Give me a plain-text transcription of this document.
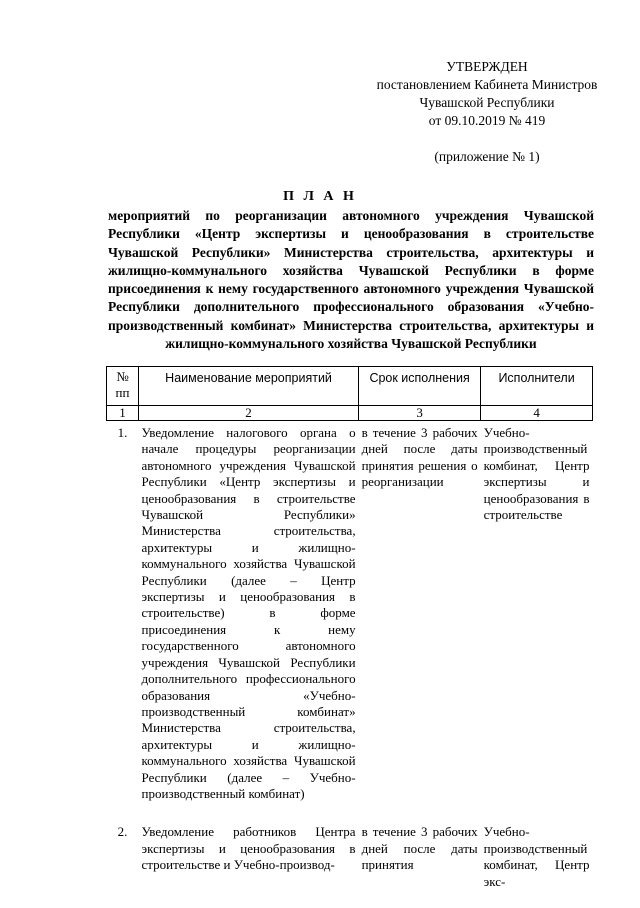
УТВЕРЖДЕН
постановлением Кабинета Министров
Чувашской Республики
от 09.10.2019 № 419
(приложение № 1)
П Л А Н
мероприятий по реорганизации автономного учреждения Чувашской Республики «Центр экспертизы и ценообразования в строительстве Чувашской Республики» Министерства строительства, архитектуры и жилищно-коммунального хозяйства Чувашской Республики в форме присоединения к нему государственного автономного учреждения Чувашской Республики дополнительного профессионального образования «Учебно-производственный комбинат» Министерства строительства, архитектуры и жилищно-коммунального хозяйства Чувашской Республики
№ пп	Наименование мероприятий	Срок исполнения	Исполнители
1	2	3	4
1.	Уведомление налогового органа о начале процедуры реорганизации автономного учреждения Чувашской Республики «Центр экспертизы и ценообразования в строительстве Чувашской Республики» Министерства строительства, архитектуры и жилищно-коммунального хозяйства Чувашской Республики (далее – Центр экспертизы и ценообразования в строительстве) в форме присоединения к нему государственного автономного учреждения Чувашской Республики дополнительного профессионального образования «Учебно-производственный комбинат» Министерства строительства, архитектуры и жилищно-коммунального хозяйства Чувашской Республики (далее – Учебно-производственный комбинат)	в течение 3 рабочих дней после даты принятия решения о реорганизации	Учебно-производственный комбинат, Центр экспертизы и ценообразования в строительстве
2.	Уведомление работников Центра экспертизы и ценообразования в строительстве и Учебно-производ-	в течение 3 рабочих дней после даты принятия	Учебно-производственный комбинат, Центр экс-
